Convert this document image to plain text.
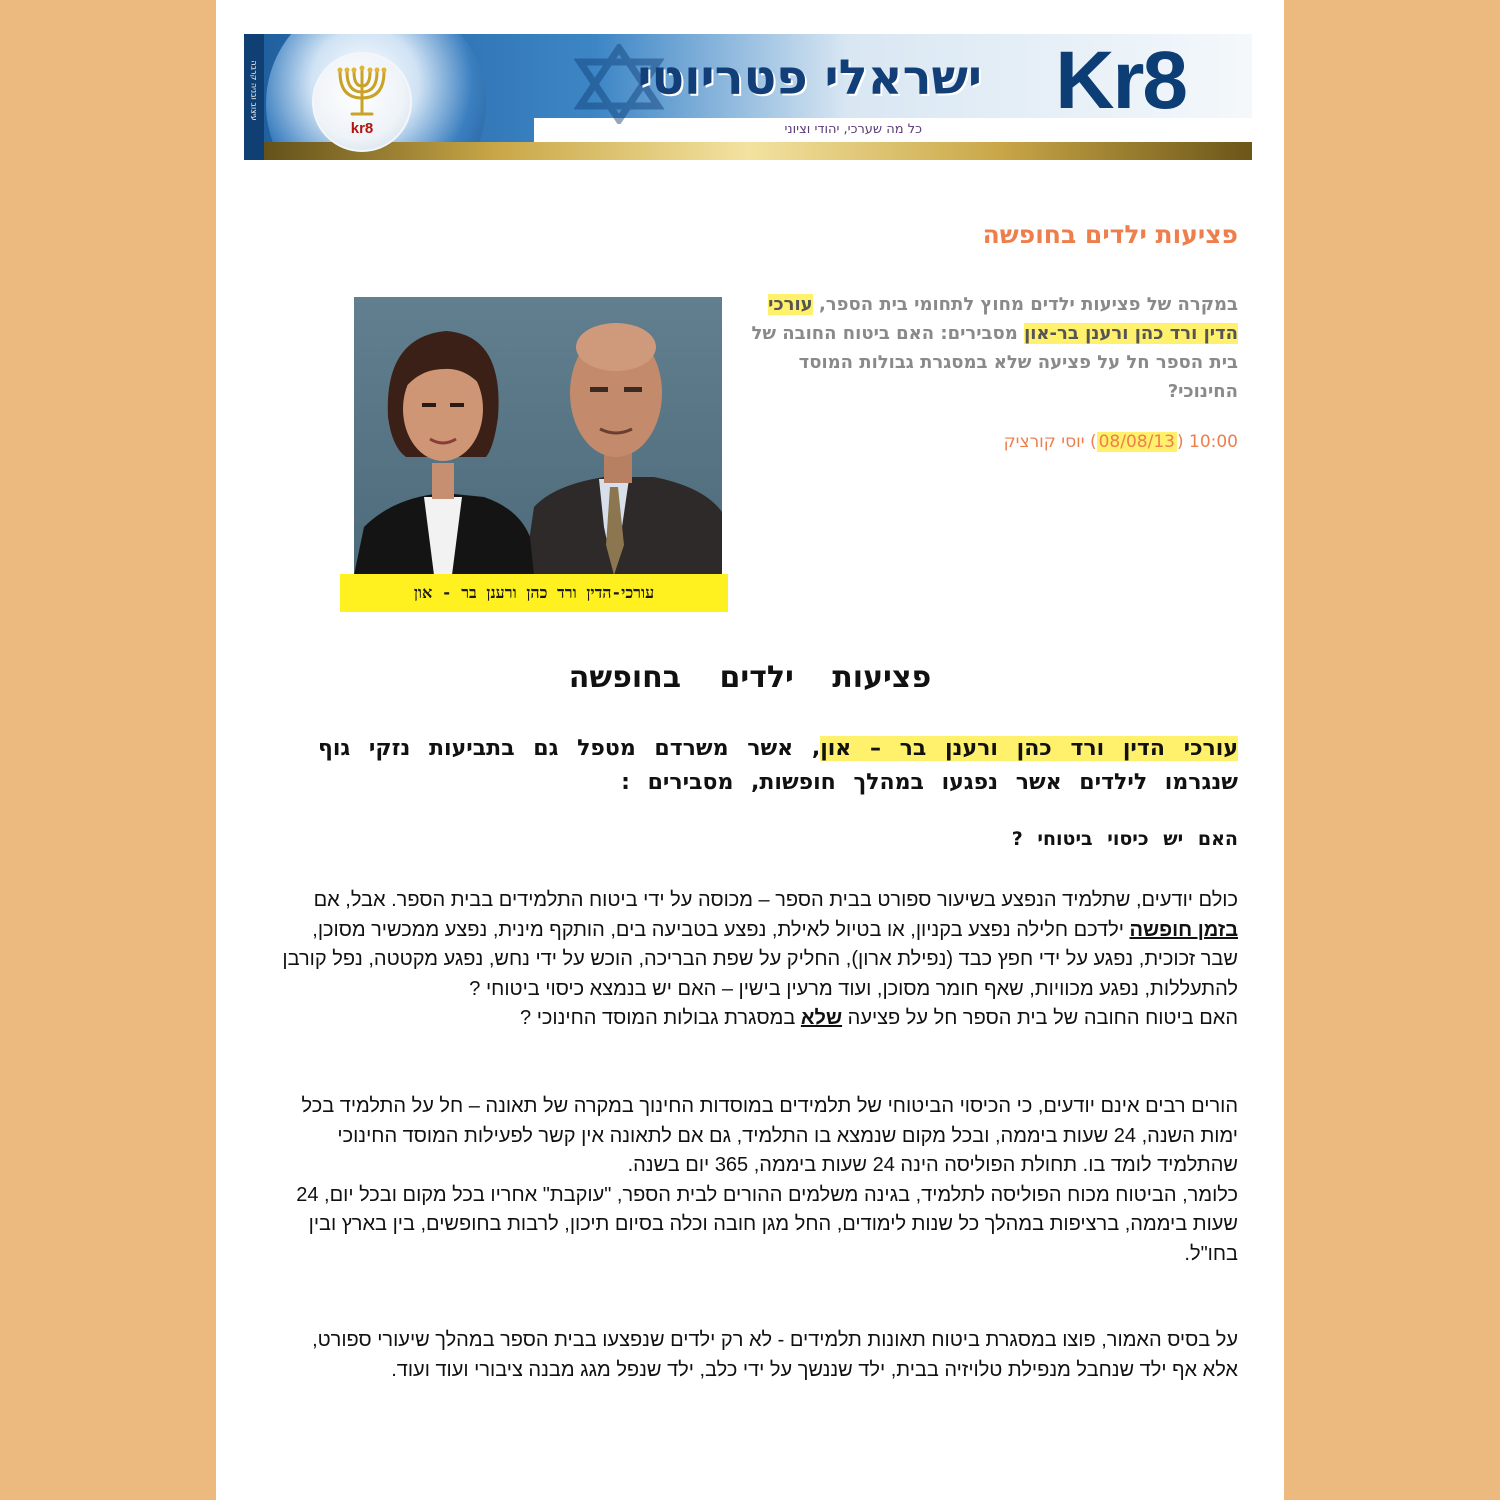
עיצוב ובניה קרבה
kr8
ישראלי פטריוטי Kr8
כל מה שערכי, יהודי וציוני
פציעות ילדים בחופשה
במקרה של פציעות ילדים מחוץ לתחומי בית הספר, עורכי הדין ורד כהן ורענן בר-און מסבירים: האם ביטוח החובה של בית הספר חל על פציעה שלא במסגרת גבולות המוסד החינוכי?
10:00 (08/08/13) יוסי קורציק
עורכי-הדין ורד כהן ורענן בר - און
פציעות ילדים בחופשה
עורכי הדין ורד כהן ורענן בר – און, אשר משרדם מטפל גם בתביעות נזקי גוף שנגרמו לילדים אשר נפגעו במהלך חופשות, מסבירים :
האם יש כיסוי ביטוחי ?
כולם יודעים, שתלמיד הנפצע בשיעור ספורט בבית הספר – מכוסה על ידי ביטוח התלמידים בבית הספר. אבל, אם בזמן חופשה ילדכם חלילה נפצע בקניון, או בטיול לאילת, נפצע בטביעה בים, הותקף מינית, נפצע ממכשיר מסוכן, שבר זכוכית, נפגע על ידי חפץ כבד (נפילת ארון), החליק על שפת הבריכה, הוכש על ידי נחש, נפגע מקטטה, נפל קורבן להתעללות, נפגע מכוויות, שאף חומר מסוכן, ועוד מרעין בישין – האם יש בנמצא כיסוי ביטוחי ?
האם ביטוח החובה של בית הספר חל על פציעה שלא במסגרת גבולות המוסד החינוכי ?
הורים רבים אינם יודעים, כי הכיסוי הביטוחי של תלמידים במוסדות החינוך במקרה של תאונה – חל על התלמיד בכל ימות השנה, 24 שעות ביממה, ובכל מקום שנמצא בו התלמיד, גם אם לתאונה אין קשר לפעילות המוסד החינוכי שהתלמיד לומד בו. תחולת הפוליסה הינה 24 שעות ביממה, 365 יום בשנה.
כלומר, הביטוח מכוח הפוליסה לתלמיד, בגינה משלמים ההורים לבית הספר, "עוקבת" אחריו בכל מקום ובכל יום, 24 שעות ביממה, ברציפות במהלך כל שנות לימודים, החל מגן חובה וכלה בסיום תיכון, לרבות בחופשים, בין בארץ ובין בחו"ל.
על בסיס האמור, פוצו במסגרת ביטוח תאונות תלמידים - לא רק ילדים שנפצעו בבית הספר במהלך שיעורי ספורט, אלא אף ילד שנחבל מנפילת טלויזיה בבית, ילד שננשך על ידי כלב, ילד שנפל מגג מבנה ציבורי ועוד ועוד.
